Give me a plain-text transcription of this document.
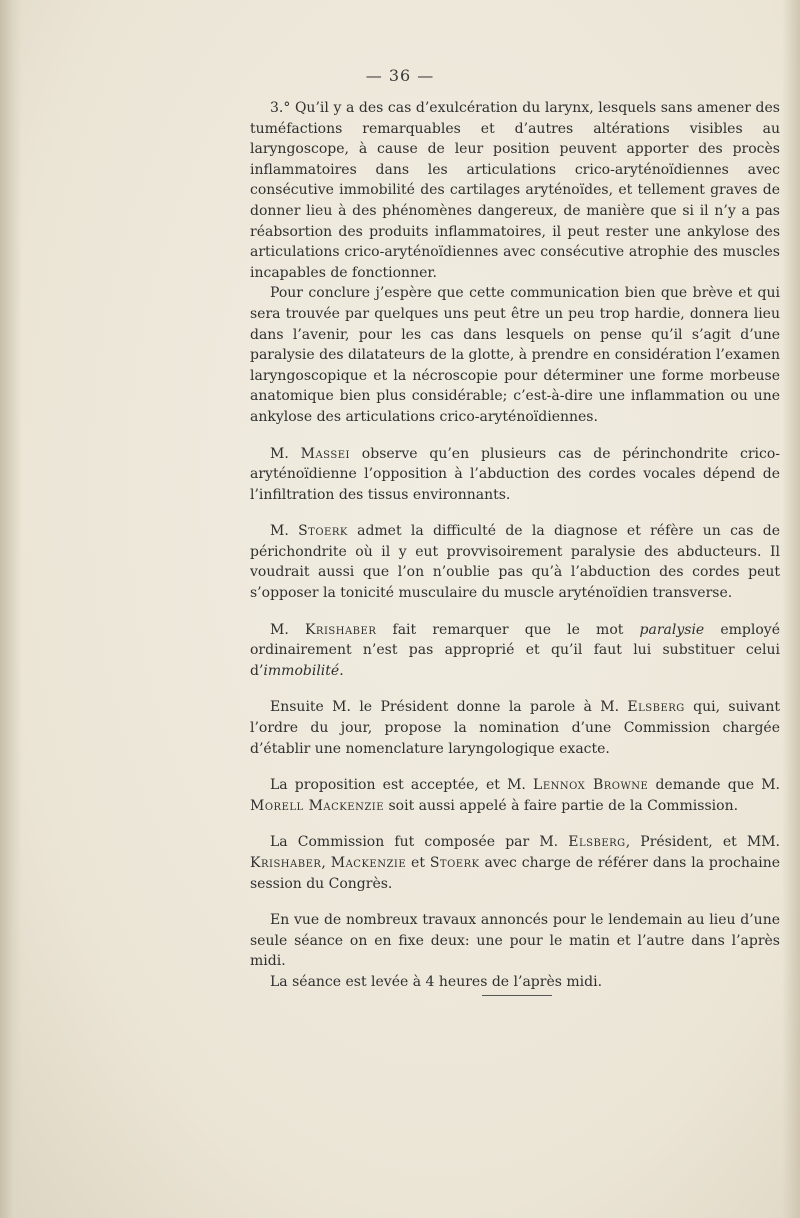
— 36 —

3.° Qu’il y a des cas d’exulcération du larynx, lesquels sans amener des tuméfactions remarquables et d’autres altérations visibles au laryngoscope, à cause de leur position peuvent apporter des procès inflammatoires dans les articulations crico-aryténoïdiennes avec consécutive immobilité des cartilages aryténoïdes, et tellement graves de donner lieu à des phénomènes dangereux, de manière que si il n’y a pas réabsortion des produits inflammatoires, il peut rester une ankylose des articulations crico-aryténoïdiennes avec consécutive atrophie des muscles incapables de fonctionner.

Pour conclure j’espère que cette communication bien que brève et qui sera trouvée par quelques uns peut être un peu trop hardie, donnera lieu dans l’avenir, pour les cas dans lesquels on pense qu’il s’agit d’une paralysie des dilatateurs de la glotte, à prendre en considération l’examen laryngoscopique et la nécroscopie pour déterminer une forme morbeuse anatomique bien plus considérable; c’est-à-dire une inflammation ou une ankylose des articulations crico-aryténoïdiennes.

M. Massei observe qu’en plusieurs cas de périnchondrite crico-aryténoïdienne l’opposition à l’abduction des cordes vocales dépend de l’infiltration des tissus environnants.

M. Stoerk admet la difficulté de la diagnose et réfère un cas de périchondrite où il y eut provvisoirement paralysie des abducteurs. Il voudrait aussi que l’on n’oublie pas qu’à l’abduction des cordes peut s’opposer la tonicité musculaire du muscle aryténoïdien transverse.

M. Krishaber fait remarquer que le mot paralysie employé ordinairement n’est pas approprié et qu’il faut lui substituer celui d’immobilité.

Ensuite M. le Président donne la parole à M. Elsberg qui, suivant l’ordre du jour, propose la nomination d’une Commission chargée d’établir une nomenclature laryngologique exacte.

La proposition est acceptée, et M. Lennox Browne demande que M. Morell Mackenzie soit aussi appelé à faire partie de la Commission.

La Commission fut composée par M. Elsberg, Président, et MM. Krishaber, Mackenzie et Stoerk avec charge de référer dans la prochaine session du Congrès.

En vue de nombreux travaux annoncés pour le lendemain au lieu d’une seule séance on en fixe deux: une pour le matin et l’autre dans l’après midi.

La séance est levée à 4 heures de l’après midi.
